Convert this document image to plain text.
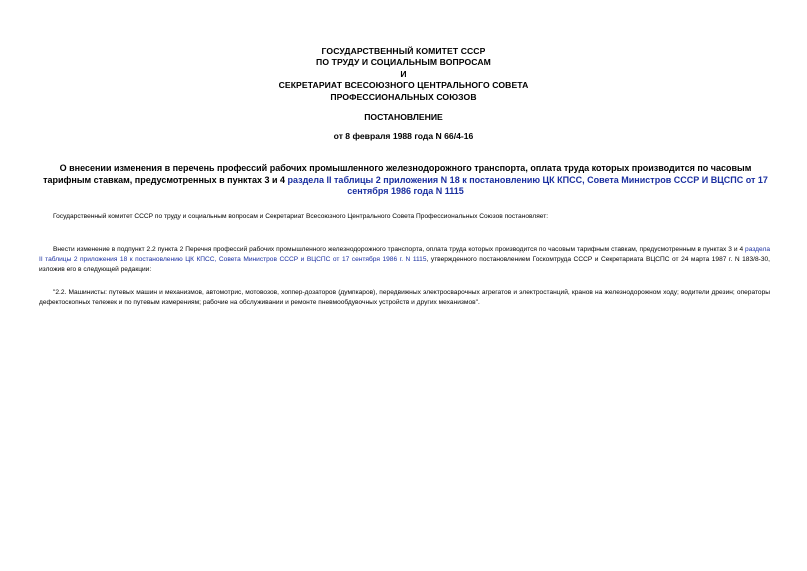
ГОСУДАРСТВЕННЫЙ КОМИТЕТ СССР
ПО ТРУДУ И СОЦИАЛЬНЫМ ВОПРОСАМ
И
СЕКРЕТАРИАТ ВСЕСОЮЗНОГО ЦЕНТРАЛЬНОГО СОВЕТА
ПРОФЕССИОНАЛЬНЫХ СОЮЗОВ
ПОСТАНОВЛЕНИЕ
от 8 февраля 1988 года N 66/4-16
О внесении изменения в перечень профессий рабочих промышленного железнодорожного транспорта, оплата труда которых производится по часовым тарифным ставкам, предусмотренных в пунктах 3 и 4 раздела II таблицы 2 приложения N 18 к постановлению ЦК КПСС, Совета Министров СССР И ВЦСПС от 17 сентября 1986 года N 1115
Государственный комитет СССР по труду и социальным вопросам и Секретариат Всесоюзного Центрального Совета Профессиональных Союзов постановляет:
Внести изменение в подпункт 2.2 пункта 2 Перечня профессий рабочих промышленного железнодорожного транспорта, оплата труда которых производится по часовым тарифным ставкам, предусмотренным в пунктах 3 и 4 раздела II таблицы 2 приложения 18 к постановлению ЦК КПСС, Совета Министров СССР и ВЦСПС от 17 сентября 1986 г. N 1115, утвержденного постановлением Госкомтруда СССР и Секретариата ВЦСПС от 24 марта 1987 г. N 183/8-30, изложив его в следующей редакции:
"2.2. Машинисты: путевых машин и механизмов, автомотрис, мотовозов, хоппер-дозаторов (думпкаров), передвижных электросварочных агрегатов и электростанций, кранов на железнодорожном ходу; водители дрезин; операторы дефектоскопных тележек и по путевым измерениям; рабочие на обслуживании и ремонте пневмообдувочных устройств и других механизмов".
